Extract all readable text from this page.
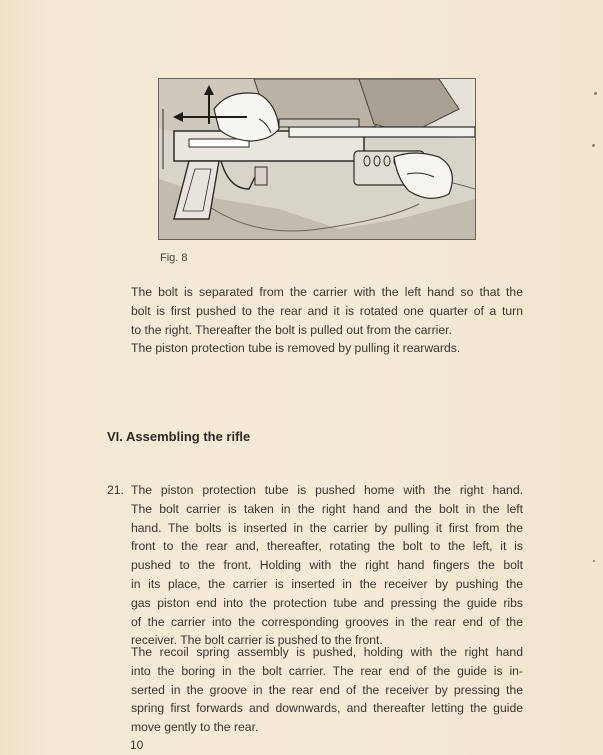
Fig. 8

The bolt is separated from the carrier with the left hand so that the
bolt is first pushed to the rear and it is rotated one quarter of a turn
to the right. Thereafter the bolt is pulled out from the carrier.
The piston protection tube is removed by pulling it rearwards.

VI. Assembling the rifle
21. The piston protection tube is pushed home with the right hand.
The bolt carrier is taken in the right hand and the bolt in the left
hand. The bolts is inserted in the carrier by pulling it first from the
front to the rear and, thereafter, rotating the bolt to the left, it is
pushed to the front. Holding with the right hand fingers the bolt
in its place, the carrier is inserted in the receiver by pushing the
gas piston end into the protection tube and pressing the guide ribs
of the carrier into the corresponding grooves in the rear end of the
receiver. The bolt carrier is pushed to the front.

The recoil spring assembly is pushed, holding with the right hand
into the boring in the bolt carrier. The rear end of the guide is in-
serted in the groove in the rear end of the receiver by pressing the
spring first forwards and downwards, and thereafter letting the guide
move gently to the rear.

10
